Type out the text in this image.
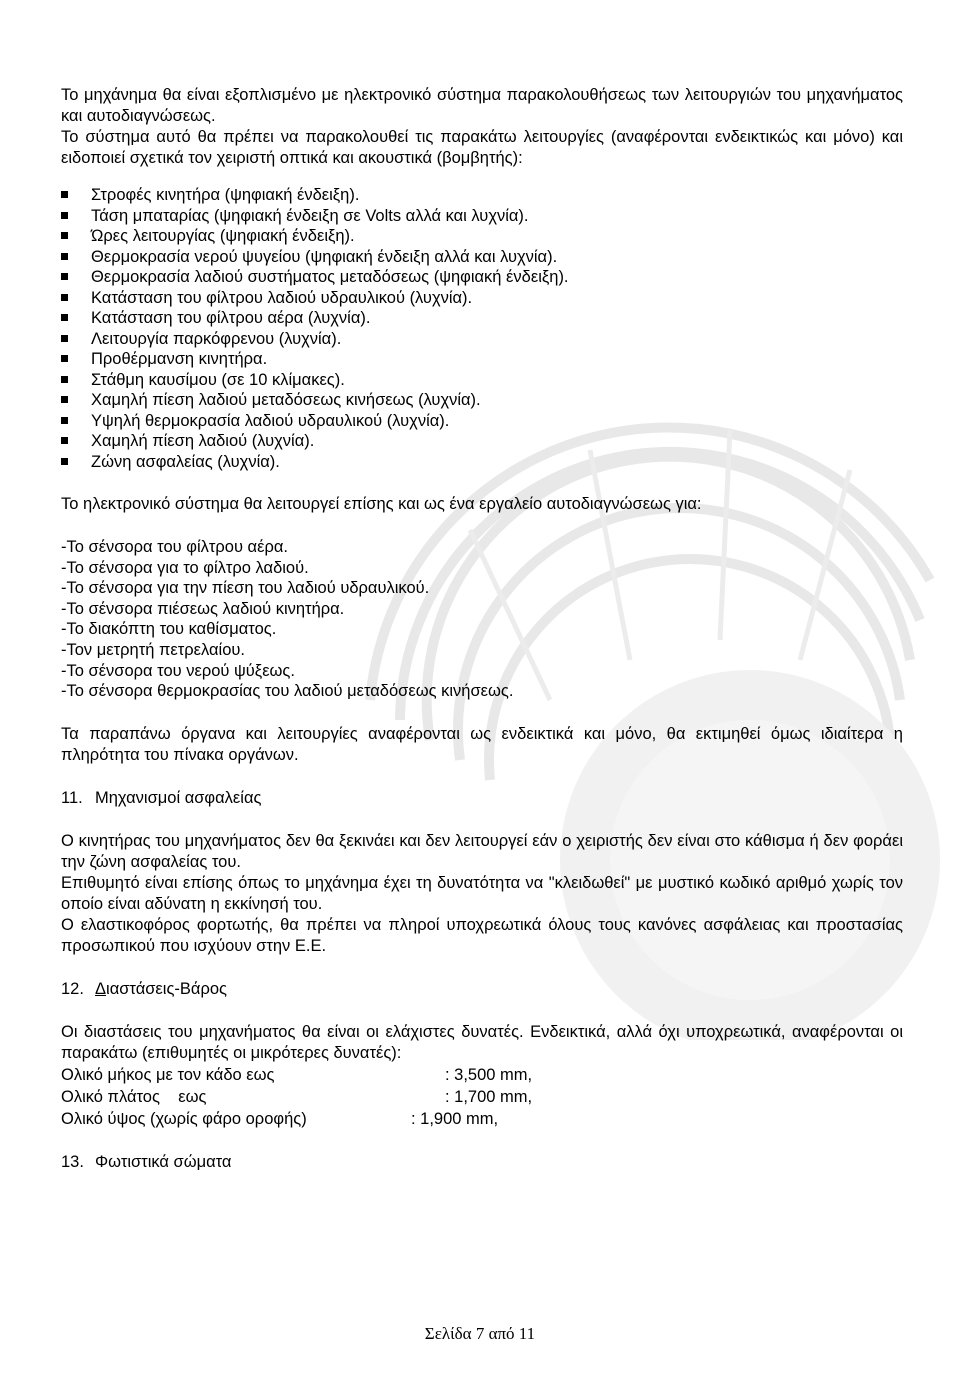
Το μηχάνημα θα είναι εξοπλισμένο με ηλεκτρονικό σύστημα παρακολουθήσεως των λειτουργιών του μηχανήματος και αυτοδιαγνώσεως.

Το σύστημα αυτό θα πρέπει να παρακολουθεί τις παρακάτω λειτουργίες (αναφέρονται ενδεικτικώς και μόνο) και ειδοποιεί σχετικά τον χειριστή οπτικά και ακουστικά (βομβητής):

Στροφές κινητήρα (ψηφιακή ένδειξη).
Τάση μπαταρίας (ψηφιακή ένδειξη σε Volts αλλά και λυχνία).
Ώρες λειτουργίας (ψηφιακή ένδειξη).
Θερμοκρασία νερού ψυγείου (ψηφιακή ένδειξη αλλά και λυχνία).
Θερμοκρασία λαδιού συστήματος μεταδόσεως (ψηφιακή ένδειξη).
Κατάσταση του φίλτρου λαδιού υδραυλικού (λυχνία).
Κατάσταση του φίλτρου αέρα (λυχνία).
Λειτουργία παρκόφρενου (λυχνία).
Προθέρμανση κινητήρα.
Στάθμη καυσίμου (σε 10 κλίμακες).
Χαμηλή πίεση λαδιού μεταδόσεως κινήσεως (λυχνία).
Υψηλή θερμοκρασία λαδιού υδραυλικού (λυχνία).
Χαμηλή πίεση λαδιού (λυχνία).
Ζώνη ασφαλείας (λυχνία).

Το ηλεκτρονικό σύστημα θα λειτουργεί επίσης και ως ένα εργαλείο αυτοδιαγνώσεως για:

-Το σένσορα του φίλτρου αέρα.
-Το σένσορα για το φίλτρο λαδιού.
-Το σένσορα για την πίεση του λαδιού υδραυλικού.
-Το σένσορα πιέσεως λαδιού κινητήρα.
-Το διακόπτη του καθίσματος.
-Τον μετρητή πετρελαίου.
-Το σένσορα του νερού ψύξεως.
-Το σένσορα θερμοκρασίας του λαδιού μεταδόσεως κινήσεως.

Τα παραπάνω όργανα και λειτουργίες αναφέρονται ως ενδεικτικά και μόνο, θα εκτιμηθεί όμως ιδιαίτερα η πληρότητα του πίνακα οργάνων.

11. Μηχανισμοί ασφαλείας

Ο κινητήρας του μηχανήματος δεν θα ξεκινάει και δεν λειτουργεί εάν ο χειριστής δεν είναι στο κάθισμα ή δεν φοράει την ζώνη ασφαλείας του.

Επιθυμητό είναι επίσης όπως το μηχάνημα έχει τη δυνατότητα να "κλειδωθεί" με μυστικό κωδικό αριθμό χωρίς τον οποίο είναι αδύνατη η εκκίνησή του.

Ο ελαστικοφόρος φορτωτής, θα πρέπει να πληροί υποχρεωτικά όλους τους κανόνες ασφάλειας και προστασίας προσωπικού που ισχύουν στην Ε.Ε.

12. Διαστάσεις-Βάρος

Οι διαστάσεις του μηχανήματος θα είναι οι ελάχιστες δυνατές. Ενδεικτικά, αλλά όχι υποχρεωτικά, αναφέρονται οι παρακάτω (επιθυμητές οι μικρότερες δυνατές):

Ολικό μήκος με τον κάδο εως	: 3,500 mm,
Ολικό πλάτος    εως	: 1,700 mm,
Ολικό ύψος (χωρίς φάρο οροφής)	: 1,900 mm,

13. Φωτιστικά σώματα

Σελίδα 7 από 11
